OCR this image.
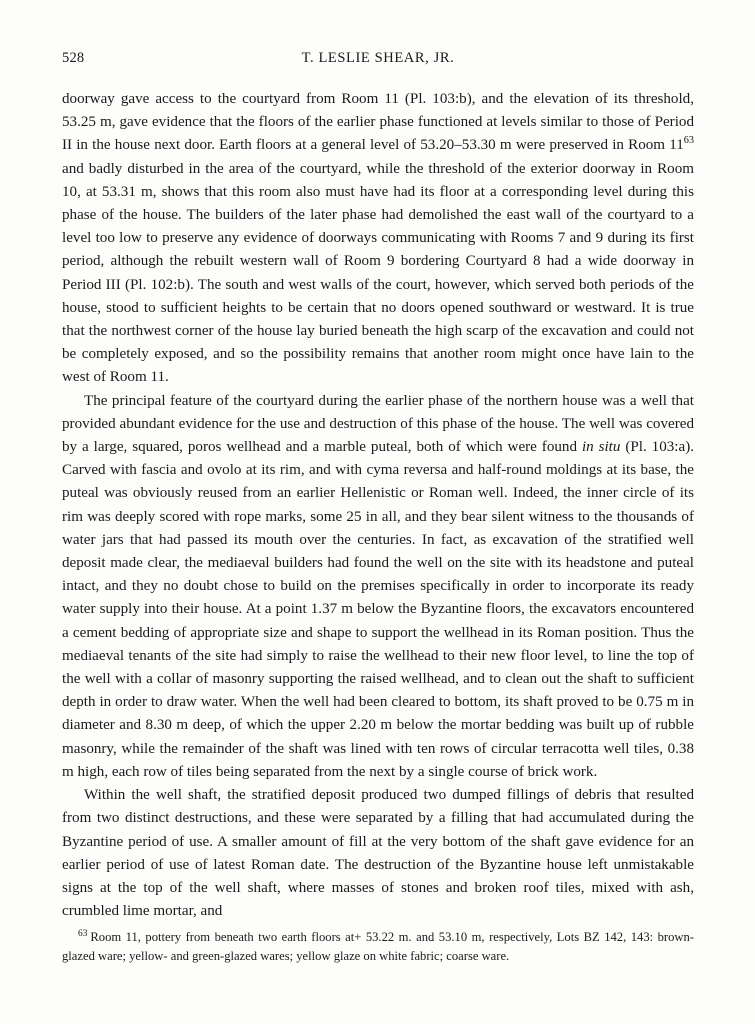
528	T. LESLIE SHEAR, JR.

doorway gave access to the courtyard from Room 11 (Pl. 103:b), and the elevation of its threshold, 53.25 m, gave evidence that the floors of the earlier phase functioned at levels similar to those of Period II in the house next door. Earth floors at a general level of 53.20–53.30 m were preserved in Room $11^{63}$ and badly disturbed in the area of the courtyard, while the threshold of the exterior doorway in Room 10, at 53.31 m, shows that this room also must have had its floor at a corresponding level during this phase of the house. The builders of the later phase had demolished the east wall of the courtyard to a level too low to preserve any evidence of doorways communicating with Rooms 7 and 9 during its first period, although the rebuilt western wall of Room 9 bordering Courtyard 8 had a wide doorway in Period III (Pl. 102:b). The south and west walls of the court, however, which served both periods of the house, stood to sufficient heights to be certain that no doors opened southward or westward. It is true that the northwest corner of the house lay buried beneath the high scarp of the excavation and could not be completely exposed, and so the possibility remains that another room might once have lain to the west of Room 11.

The principal feature of the courtyard during the earlier phase of the northern house was a well that provided abundant evidence for the use and destruction of this phase of the house. The well was covered by a large, squared, poros wellhead and a marble puteal, both of which were found in situ (Pl. 103:a). Carved with fascia and ovolo at its rim, and with cyma reversa and half-round moldings at its base, the puteal was obviously reused from an earlier Hellenistic or Roman well. Indeed, the inner circle of its rim was deeply scored with rope marks, some 25 in all, and they bear silent witness to the thousands of water jars that had passed its mouth over the centuries. In fact, as excavation of the stratified well deposit made clear, the mediaeval builders had found the well on the site with its headstone and puteal intact, and they no doubt chose to build on the premises specifically in order to incorporate its ready water supply into their house. At a point 1.37 m below the Byzantine floors, the excavators encountered a cement bedding of appropriate size and shape to support the wellhead in its Roman position. Thus the mediaeval tenants of the site had simply to raise the wellhead to their new floor level, to line the top of the well with a collar of masonry supporting the raised wellhead, and to clean out the shaft to sufficient depth in order to draw water. When the well had been cleared to bottom, its shaft proved to be 0.75 m in diameter and 8.30 m deep, of which the upper 2.20 m below the mortar bedding was built up of rubble masonry, while the remainder of the shaft was lined with ten rows of circular terracotta well tiles, 0.38 m high, each row of tiles being separated from the next by a single course of brick work.

Within the well shaft, the stratified deposit produced two dumped fillings of debris that resulted from two distinct destructions, and these were separated by a filling that had accumulated during the Byzantine period of use. A smaller amount of fill at the very bottom of the shaft gave evidence for an earlier period of use of latest Roman date. The destruction of the Byzantine house left unmistakable signs at the top of the well shaft, where masses of stones and broken roof tiles, mixed with ash, crumbled lime mortar, and

$^{63}$ Room 11, pottery from beneath two earth floors at+ 53.22 m. and 53.10 m, respectively, Lots BZ 142, 143: brown-glazed ware; yellow- and green-glazed wares; yellow glaze on white fabric; coarse ware.
